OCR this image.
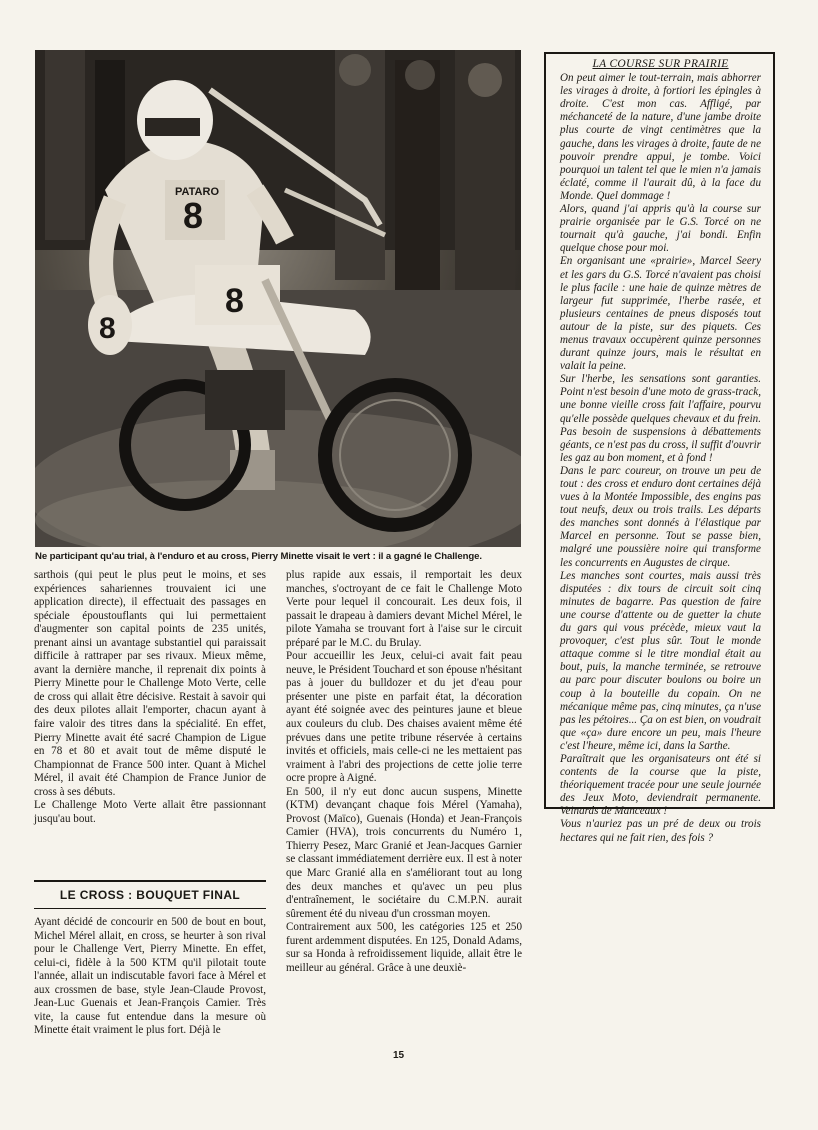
8
PATARO
8
8
Ne participant qu'au trial, à l'enduro et au cross, Pierry Minette visait le vert : il a gagné le Challenge.

sarthois (qui peut le plus peut le moins, et ses expériences sahariennes trouvaient ici une application directe), il effectuait des passages en spéciale époustouflants qui lui permettaient d'augmenter son capital points de 235 unités, prenant ainsi un avantage substantiel qui paraissait difficile à rattraper par ses rivaux. Mieux même, avant la dernière manche, il reprenait dix points à Pierry Minette pour le Challenge Moto Verte, celle de cross qui allait être décisive. Restait à savoir qui des deux pilotes allait l'emporter, chacun ayant à faire valoir des titres dans la spécialité. En effet, Pierry Minette avait été sacré Champion de Ligue en 78 et 80 et avait tout de même disputé le Championnat de France 500 inter. Quant à Michel Mérel, il avait été Champion de France Junior de cross à ses débuts.

Le Challenge Moto Verte allait être passionnant jusqu'au bout.

LE CROSS : BOUQUET FINAL

Ayant décidé de concourir en 500 de bout en bout, Michel Mérel allait, en cross, se heurter à son rival pour le Challenge Vert, Pierry Minette. En effet, celui-ci, fidèle à la 500 KTM qu'il pilotait toute l'année, allait un indiscutable favori face à Mérel et aux crossmen de base, style Jean-Claude Provost, Jean-Luc Guenais et Jean-François Camier. Très vite, la cause fut entendue dans la mesure où Minette était vraiment le plus fort. Déjà le

plus rapide aux essais, il remportait les deux manches, s'octroyant de ce fait le Challenge Moto Verte pour lequel il concourait. Les deux fois, il passait le drapeau à damiers devant Michel Mérel, le pilote Yamaha se trouvant fort à l'aise sur le circuit préparé par le M.C. du Brulay.

Pour accueillir les Jeux, celui-ci avait fait peau neuve, le Président Touchard et son épouse n'hésitant pas à jouer du bulldozer et du jet d'eau pour présenter une piste en parfait état, la décoration ayant été soignée avec des peintures jaune et bleue aux couleurs du club. Des chaises avaient même été prévues dans une petite tribune réservée à certains invités et officiels, mais celle-ci ne les mettaient pas vraiment à l'abri des projections de cette jolie terre ocre propre à Aigné.

En 500, il n'y eut donc aucun suspens, Minette (KTM) devançant chaque fois Mérel (Yamaha), Provost (Maïco), Guenais (Honda) et Jean-François Camier (HVA), trois concurrents du Numéro 1, Thierry Pesez, Marc Granié et Jean-Jacques Garnier se classant immédiatement derrière eux. Il est à noter que Marc Granié alla en s'améliorant tout au long des deux manches et qu'avec un peu plus d'entraînement, le sociétaire du C.M.P.N. aurait sûrement été du niveau d'un crossman moyen.

Contrairement aux 500, les catégories 125 et 250 furent ardemment disputées. En 125, Donald Adams, sur sa Honda à refroidissement liquide, allait être le meilleur au général. Grâce à une deuxiè-

LA COURSE SUR PRAIRIE

On peut aimer le tout-terrain, mais abhorrer les virages à droite, à fortiori les épingles à droite. C'est mon cas. Affligé, par méchanceté de la nature, d'une jambe droite plus courte de vingt centimètres que la gauche, dans les virages à droite, faute de ne pouvoir prendre appui, je tombe. Voici pourquoi un talent tel que le mien n'a jamais éclaté, comme il l'aurait dû, à la face du Monde. Quel dommage !

Alors, quand j'ai appris qu'à la course sur prairie organisée par le G.S. Torcé on ne tournait qu'à gauche, j'ai bondi. Enfin quelque chose pour moi.

En organisant une «prairie», Marcel Seery et les gars du G.S. Torcé n'avaient pas choisi le plus facile : une haie de quinze mètres de largeur fut supprimée, l'herbe rasée, et plusieurs centaines de pneus disposés tout autour de la piste, sur des piquets. Ces menus travaux occupèrent quinze personnes durant quinze jours, mais le résultat en valait la peine.

Sur l'herbe, les sensations sont garanties. Point n'est besoin d'une moto de grass-track, une bonne vieille cross fait l'affaire, pourvu qu'elle possède quelques chevaux et du frein. Pas besoin de suspensions à débattements géants, ce n'est pas du cross, il suffit d'ouvrir les gaz au bon moment, et à fond !

Dans le parc coureur, on trouve un peu de tout : des cross et enduro dont certaines déjà vues à la Montée Impossible, des engins pas tout neufs, deux ou trois trails. Les départs des manches sont donnés à l'élastique par Marcel en personne. Tout se passe bien, malgré une poussière noire qui transforme les concurrents en Augustes de cirque.

Les manches sont courtes, mais aussi très disputées : dix tours de circuit soit cinq minutes de bagarre. Pas question de faire une course d'attente ou de guetter la chute du gars qui vous précède, mieux vaut la provoquer, c'est plus sûr. Tout le monde attaque comme si le titre mondial était au bout, puis, la manche terminée, se retrouve au parc pour discuter boulons ou boire un coup à la bouteille du copain. On ne mécanique même pas, cinq minutes, ça n'use pas les pétoires... Ça on est bien, on voudrait que «ça» dure encore un peu, mais l'heure c'est l'heure, même ici, dans la Sarthe.

Paraîtrait que les organisateurs ont été si contents de la course que la piste, théoriquement tracée pour une seule journée des Jeux Moto, deviendrait permanente. Veinards de Manceaux !

Vous n'auriez pas un pré de deux ou trois hectares qui ne fait rien, des fois ?

15
